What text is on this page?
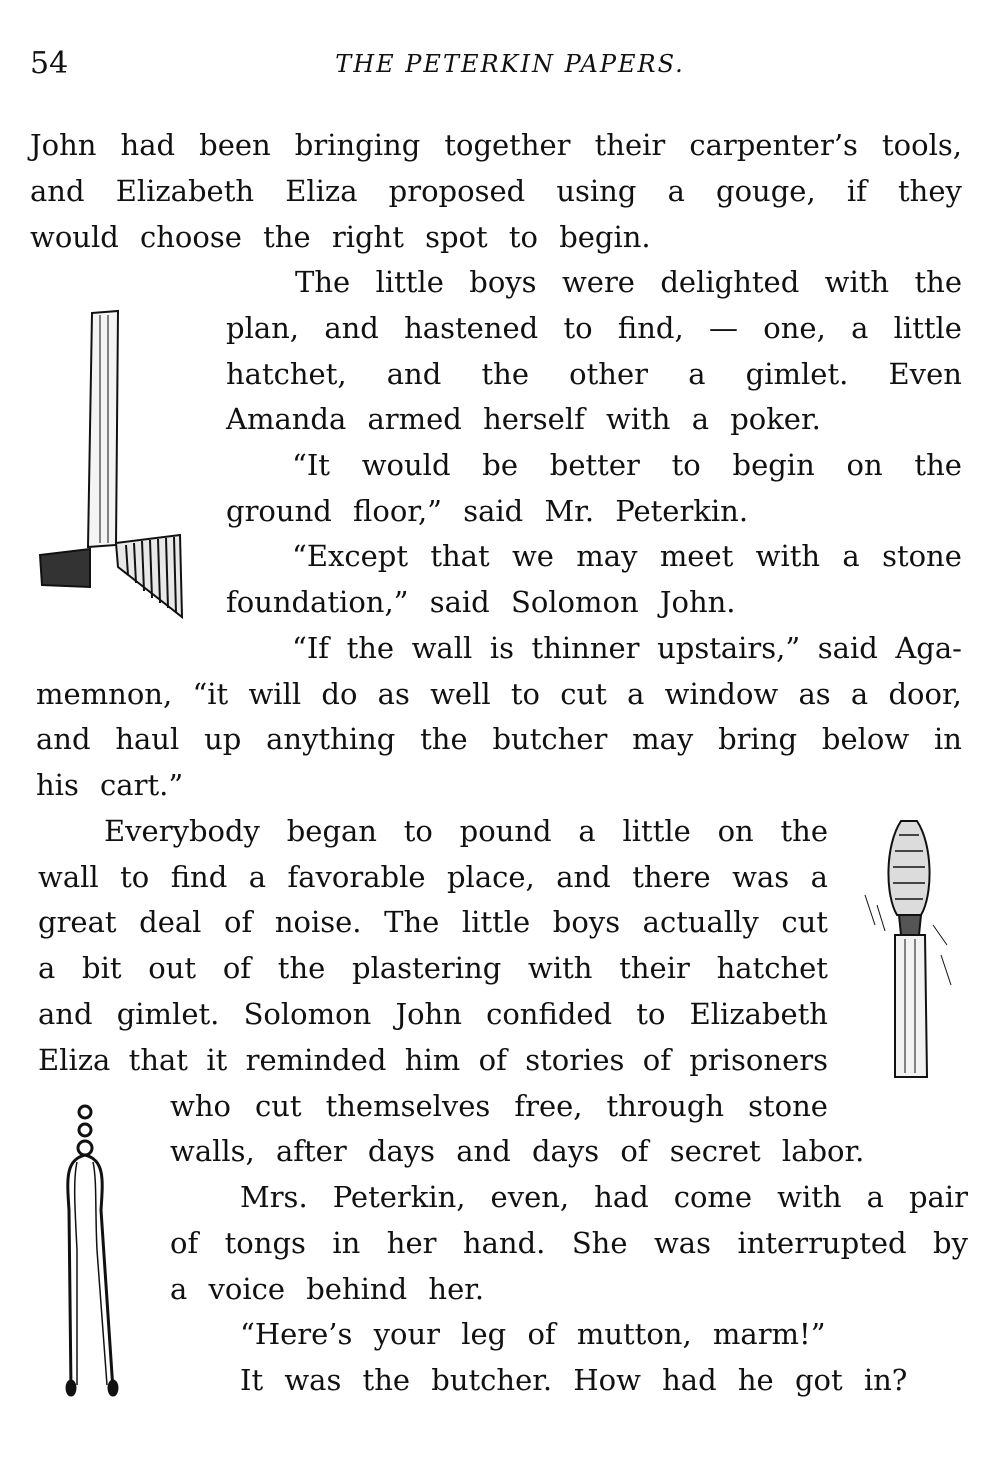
54	THE PETERKIN PAPERS.
John had been bringing together their carpenter’s tools,
and Elizabeth Eliza proposed using a gouge, if they
would choose the right spot to begin.
The little boys were delighted with the
plan, and hastened to find, — one, a little
hatchet, and the other a gimlet. Even
Amanda armed herself with a poker.
“It would be better to begin on the
ground floor,” said Mr. Peterkin.
“Except that we may meet with a stone
foundation,” said Solomon John.
“If the wall is thinner upstairs,” said Aga-
memnon, “it will do as well to cut a window as a door,
and haul up anything the butcher may bring below in
his cart.”
Everybody began to pound a little on the
wall to find a favorable place, and there was a
great deal of noise. The little boys actually cut
a bit out of the plastering with their hatchet
and gimlet. Solomon John confided to Elizabeth
Eliza that it reminded him of stories of prisoners
who cut themselves free, through stone
walls, after days and days of secret labor.
Mrs. Peterkin, even, had come with a pair
of tongs in her hand. She was interrupted by
a voice behind her.
“Here’s your leg of mutton, marm!”
It was the butcher. How had he got in?
